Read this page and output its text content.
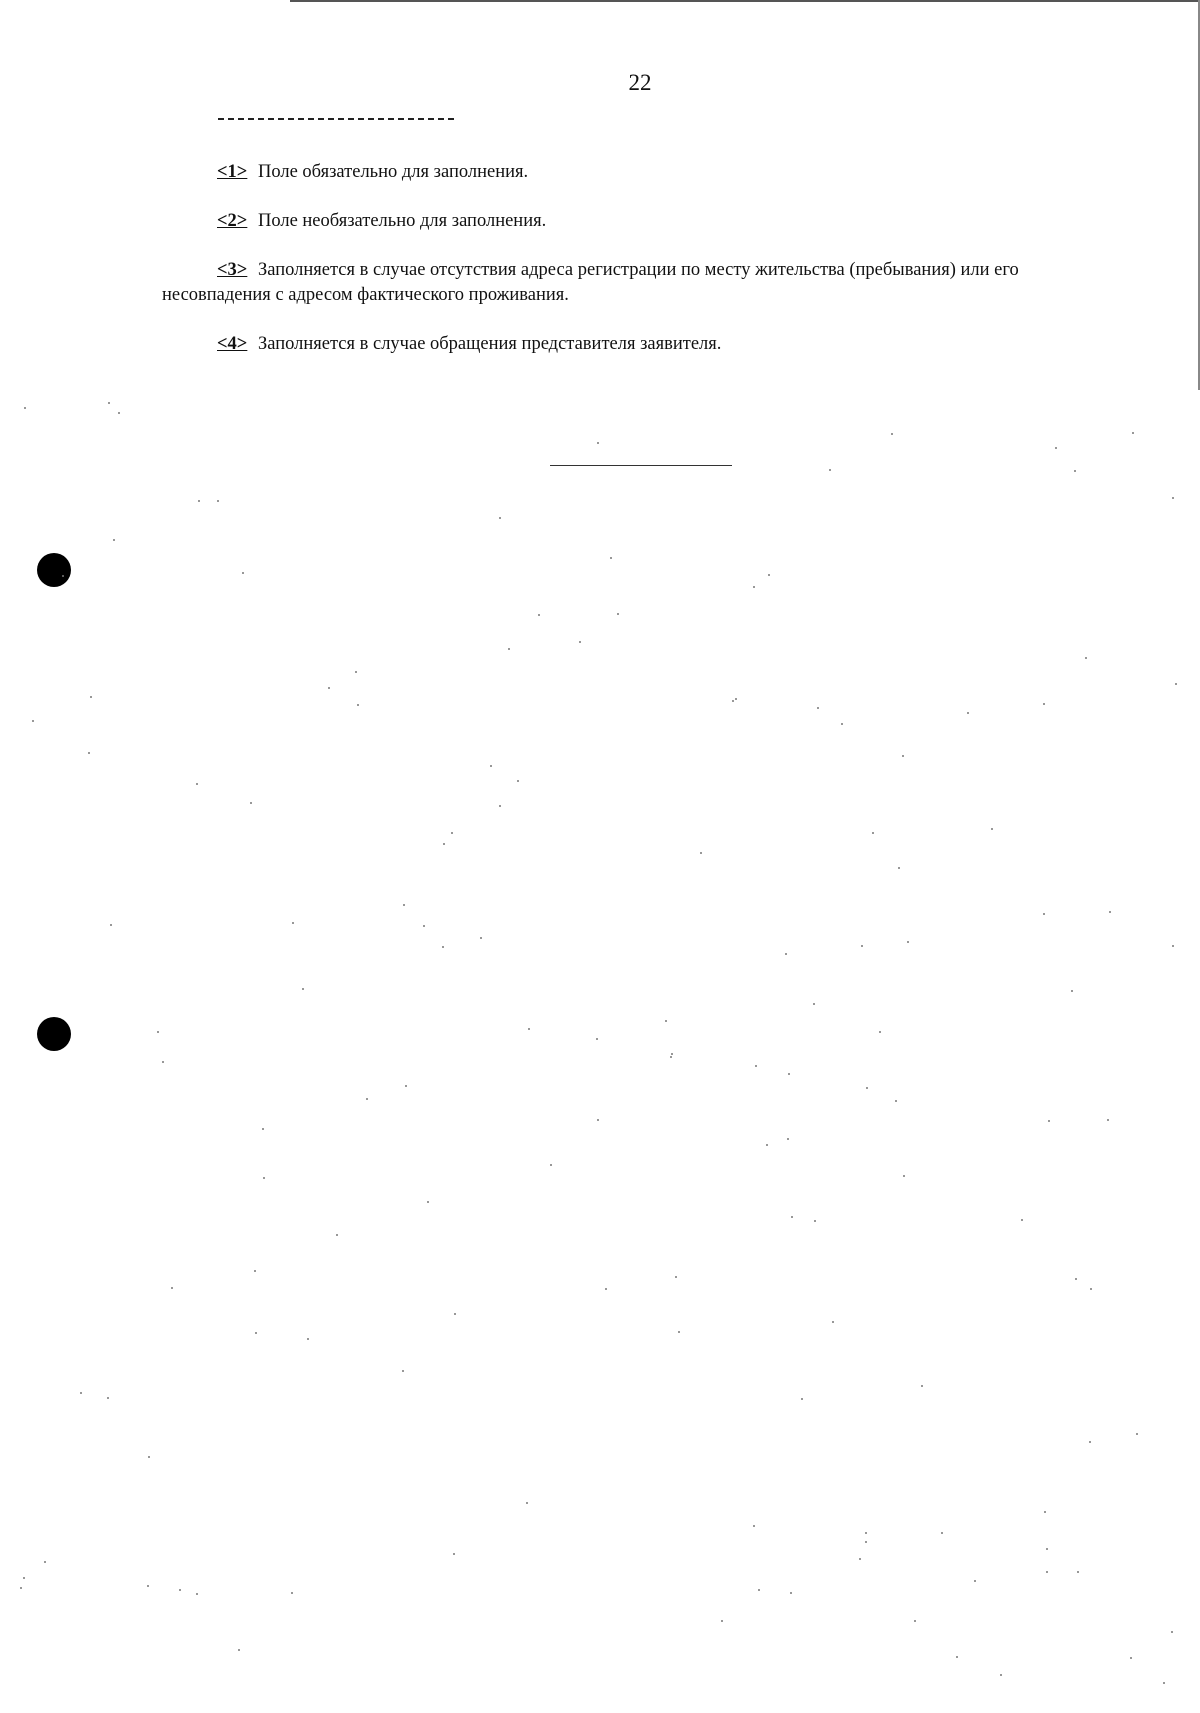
22

<1> Поле обязательно для заполнения.

<2> Поле необязательно для заполнения.

<3> Заполняется в случае отсутствия адреса регистрации по месту жительства (пребывания) или его несовпадения с адресом фактического проживания.

<4> Заполняется в случае обращения представителя заявителя.
